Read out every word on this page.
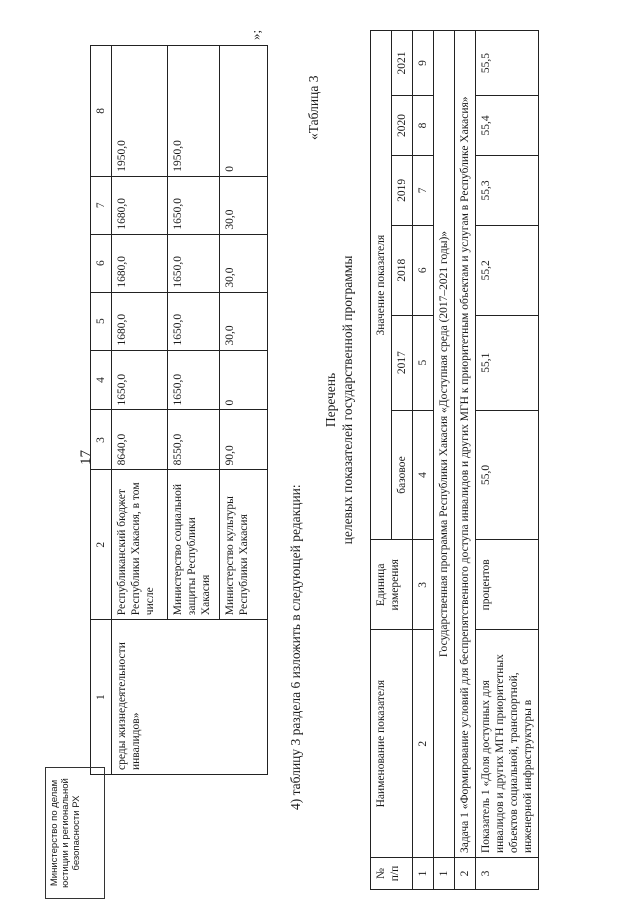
17
1	2	3	4	5	6	7	8
среды жизнедеятельности инвалидов»	Республиканский бюджет Республики Хакасия, в том числе	8640,0	1650,0	1680,0	1680,0	1680,0	1950,0
	Министерство социальной защиты Республики Хакасия	8550,0	1650,0	1650,0	1650,0	1650,0	1950,0
	Министерство культуры Республики Хакасия	90,0	0	30,0	30,0	30,0	0
»;
4) таблицу 3 раздела 6 изложить в следующей редакции:
«Таблица 3
Перечень целевых показателей государственной программы
№ п/п	Наименование показателя	Единица измерения	Значение показателя					
			базовое	2017	2018	2019	2020	2021
1	2	3	4	5	6	7	8	9
1	Государственная программа Республики Хакасия «Доступная среда (2017–2021 годы)»							
2	Задача 1 «Формирование условий для беспрепятственного доступа инвалидов и других МГН к приоритетным объектам и услугам в Республике Хакасия»							
3	Показатель 1 «Доля доступных для инвалидов и других МГН приоритетных объектов социальной, транспортной, инженерной инфраструктуры в	процентов	55,0	55,1	55,2	55,3	55,4	55,5
Министерство по делам юстиции и региональной безопасности РХ
